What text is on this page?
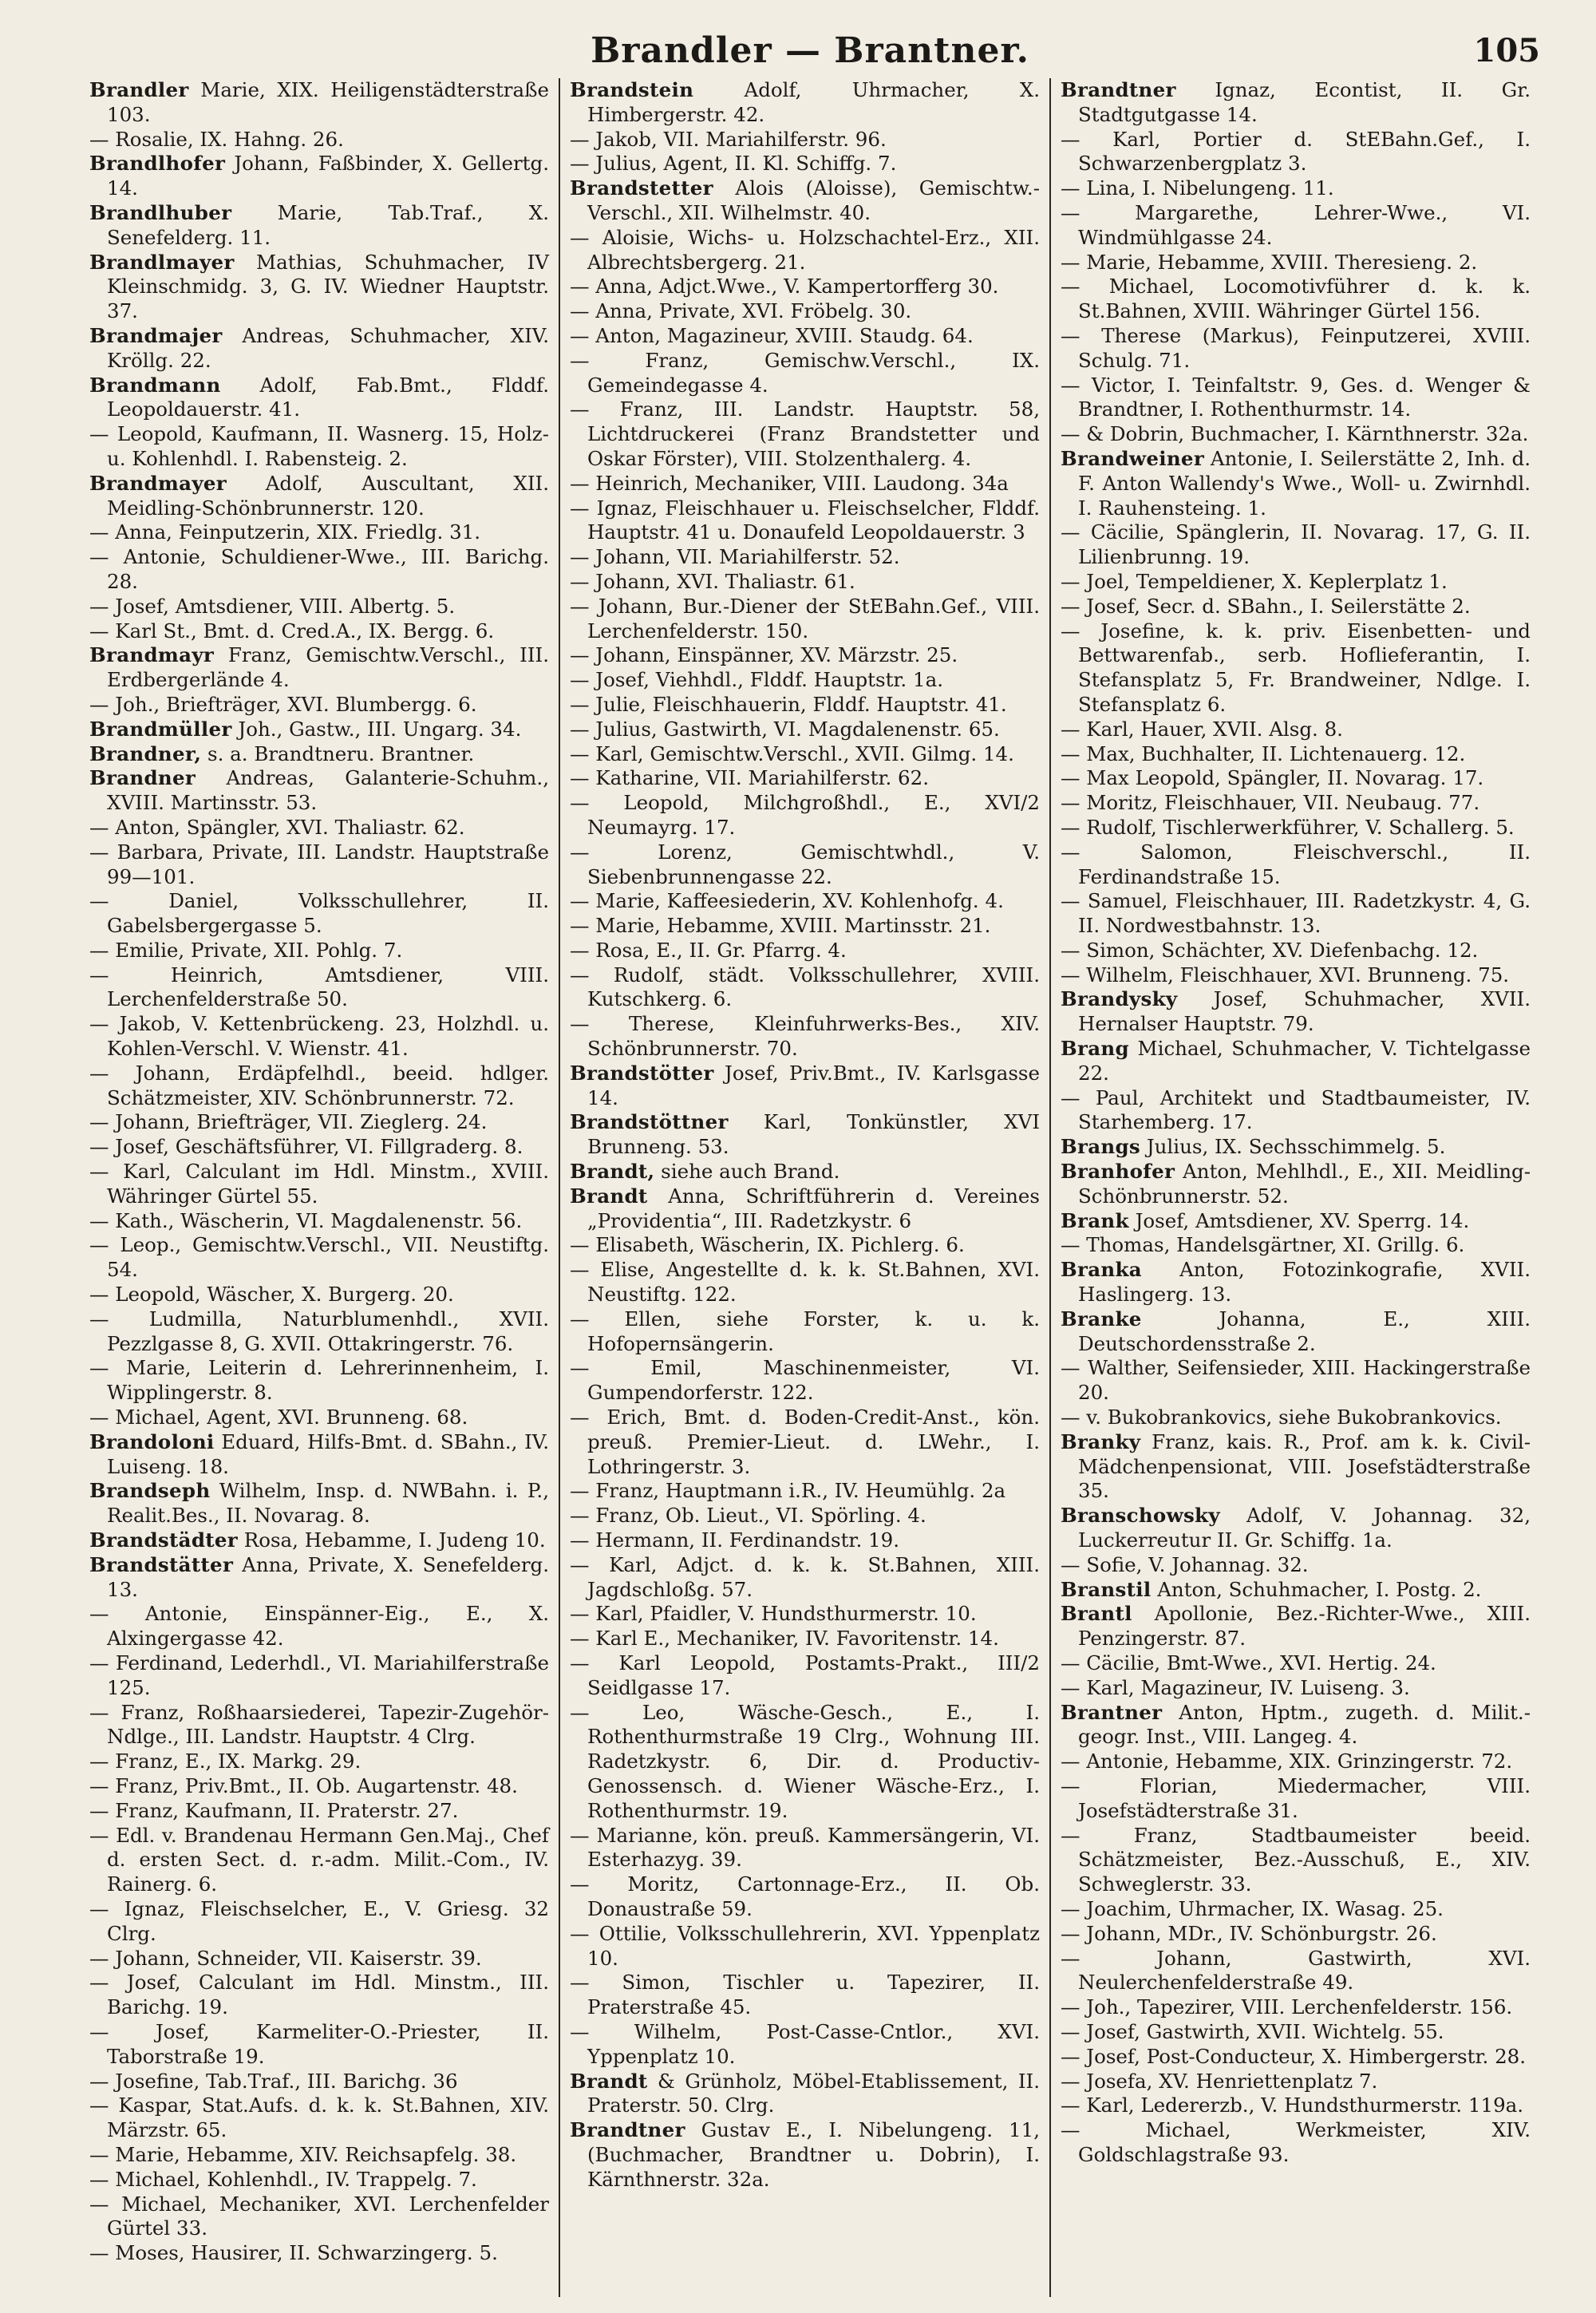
Brandler — Brantner.	105

Brandler Marie, XIX. Heiligenstädterstraße 103.

— Rosalie, IX. Hahng. 26.

Brandlhofer Johann, Faßbinder, X. Gellertg. 14.

Brandlhuber Marie, Tab.Traf., X. Senefelderg. 11.

Brandlmayer Mathias, Schuhmacher, IV Kleinschmidg. 3, G. IV. Wiedner Hauptstr. 37.

Brandmajer Andreas, Schuhmacher, XIV. Kröllg. 22.

Brandmann Adolf, Fab.Bmt., Flddf. Leopoldauerstr. 41.

— Leopold, Kaufmann, II. Wasnerg. 15, Holz- u. Kohlenhdl. I. Rabensteig. 2.

Brandmayer Adolf, Auscultant, XII. Meidling-Schönbrunnerstr. 120.

— Anna, Feinputzerin, XIX. Friedlg. 31.

— Antonie, Schuldiener-Wwe., III. Barichg. 28.

— Josef, Amtsdiener, VIII. Albertg. 5.

— Karl St., Bmt. d. Cred.A., IX. Bergg. 6.

Brandmayr Franz, Gemischtw.Verschl., III. Erdbergerlände 4.

— Joh., Briefträger, XVI. Blumbergg. 6.

Brandmüller Joh., Gastw., III. Ungarg. 34.

Brandner, s. a. Brandtneru. Brantner.

Brandner Andreas, Galanterie-Schuhm., XVIII. Martinsstr. 53.

— Anton, Spängler, XVI. Thaliastr. 62.

— Barbara, Private, III. Landstr. Hauptstraße 99—101.

— Daniel, Volksschullehrer, II. Gabelsbergergasse 5.

— Emilie, Private, XII. Pohlg. 7.

— Heinrich, Amtsdiener, VIII. Lerchenfelderstraße 50.

— Jakob, V. Kettenbrückeng. 23, Holzhdl. u. Kohlen-Verschl. V. Wienstr. 41.

— Johann, Erdäpfelhdl., beeid. hdlger. Schätzmeister, XIV. Schönbrunnerstr. 72.

— Johann, Briefträger, VII. Zieglerg. 24.

— Josef, Geschäftsführer, VI. Fillgraderg. 8.

— Karl, Calculant im Hdl. Minstm., XVIII. Währinger Gürtel 55.

— Kath., Wäscherin, VI. Magdalenenstr. 56.

— Leop., Gemischtw.Verschl., VII. Neustiftg. 54.

— Leopold, Wäscher, X. Burgerg. 20.

— Ludmilla, Naturblumenhdl., XVII. Pezzlgasse 8, G. XVII. Ottakringerstr. 76.

— Marie, Leiterin d. Lehrerinnenheim, I. Wipplingerstr. 8.

— Michael, Agent, XVI. Brunneng. 68.

Brandoloni Eduard, Hilfs-Bmt. d. SBahn., IV. Luiseng. 18.

Brandseph Wilhelm, Insp. d. NWBahn. i. P., Realit.Bes., II. Novarag. 8.

Brandstädter Rosa, Hebamme, I. Judeng 10.

Brandstätter Anna, Private, X. Senefelderg. 13.

— Antonie, Einspänner-Eig., E., X. Alxingergasse 42.

— Ferdinand, Lederhdl., VI. Mariahilferstraße 125.

— Franz, Roßhaarsiederei, Tapezir-Zugehör-Ndlge., III. Landstr. Hauptstr. 4 Clrg.

— Franz, E., IX. Markg. 29.

— Franz, Priv.Bmt., II. Ob. Augartenstr. 48.

— Franz, Kaufmann, II. Praterstr. 27.

— Edl. v. Brandenau Hermann Gen.Maj., Chef d. ersten Sect. d. r.-adm. Milit.-Com., IV. Rainerg. 6.

— Ignaz, Fleischselcher, E., V. Griesg. 32 Clrg.

— Johann, Schneider, VII. Kaiserstr. 39.

— Josef, Calculant im Hdl. Minstm., III. Barichg. 19.

— Josef, Karmeliter-O.-Priester, II. Taborstraße 19.

— Josefine, Tab.Traf., III. Barichg. 36

— Kaspar, Stat.Aufs. d. k. k. St.Bahnen, XIV. Märzstr. 65.

— Marie, Hebamme, XIV. Reichsapfelg. 38.

— Michael, Kohlenhdl., IV. Trappelg. 7.

— Michael, Mechaniker, XVI. Lerchenfelder Gürtel 33.

— Moses, Hausirer, II. Schwarzingerg. 5.

Brandstein Adolf, Uhrmacher, X. Himbergerstr. 42.

— Jakob, VII. Mariahilferstr. 96.

— Julius, Agent, II. Kl. Schiffg. 7.

Brandstetter Alois (Aloisse), Gemischtw.-Verschl., XII. Wilhelmstr. 40.

— Aloisie, Wichs- u. Holzschachtel-Erz., XII. Albrechtsbergerg. 21.

— Anna, Adjct.Wwe., V. Kampertorfferg 30.

— Anna, Private, XVI. Fröbelg. 30.

— Anton, Magazineur, XVIII. Staudg. 64.

— Franz, Gemischw.Verschl., IX. Gemeindegasse 4.

— Franz, III. Landstr. Hauptstr. 58, Lichtdruckerei (Franz Brandstetter und Oskar Förster), VIII. Stolzenthalerg. 4.

— Heinrich, Mechaniker, VIII. Laudong. 34a

— Ignaz, Fleischhauer u. Fleischselcher, Flddf. Hauptstr. 41 u. Donaufeld Leopoldauerstr. 3

— Johann, VII. Mariahilferstr. 52.

— Johann, XVI. Thaliastr. 61.

— Johann, Bur.-Diener der StEBahn.Gef., VIII. Lerchenfelderstr. 150.

— Johann, Einspänner, XV. Märzstr. 25.

— Josef, Viehhdl., Flddf. Hauptstr. 1a.

— Julie, Fleischhauerin, Flddf. Hauptstr. 41.

— Julius, Gastwirth, VI. Magdalenenstr. 65.

— Karl, Gemischtw.Verschl., XVII. Gilmg. 14.

— Katharine, VII. Mariahilferstr. 62.

— Leopold, Milchgroßhdl., E., XVI/2 Neumayrg. 17.

— Lorenz, Gemischtwhdl., V. Siebenbrunnengasse 22.

— Marie, Kaffeesiederin, XV. Kohlenhofg. 4.

— Marie, Hebamme, XVIII. Martinsstr. 21.

— Rosa, E., II. Gr. Pfarrg. 4.

— Rudolf, städt. Volksschullehrer, XVIII. Kutschkerg. 6.

— Therese, Kleinfuhrwerks-Bes., XIV. Schönbrunnerstr. 70.

Brandstötter Josef, Priv.Bmt., IV. Karlsgasse 14.

Brandstöttner Karl, Tonkünstler, XVI Brunneng. 53.

Brandt, siehe auch Brand.

Brandt Anna, Schriftführerin d. Vereines „Providentia“, III. Radetzkystr. 6

— Elisabeth, Wäscherin, IX. Pichlerg. 6.

— Elise, Angestellte d. k. k. St.Bahnen, XVI. Neustiftg. 122.

— Ellen, siehe Forster, k. u. k. Hofopernsängerin.

— Emil, Maschinenmeister, VI. Gumpendorferstr. 122.

— Erich, Bmt. d. Boden-Credit-Anst., kön. preuß. Premier-Lieut. d. LWehr., I. Lothringerstr. 3.

— Franz, Hauptmann i.R., IV. Heumühlg. 2a

— Franz, Ob. Lieut., VI. Spörling. 4.

— Hermann, II. Ferdinandstr. 19.

— Karl, Adjct. d. k. k. St.Bahnen, XIII. Jagdschloßg. 57.

— Karl, Pfaidler, V. Hundsthurmerstr. 10.

— Karl E., Mechaniker, IV. Favoritenstr. 14.

— Karl Leopold, Postamts-Prakt., III/2 Seidlgasse 17.

— Leo, Wäsche-Gesch., E., I. Rothenthurmstraße 19 Clrg., Wohnung III. Radetzkystr. 6, Dir. d. Productiv-Genossensch. d. Wiener Wäsche-Erz., I. Rothenthurmstr. 19.

— Marianne, kön. preuß. Kammersängerin, VI. Esterhazyg. 39.

— Moritz, Cartonnage-Erz., II. Ob. Donaustraße 59.

— Ottilie, Volksschullehrerin, XVI. Yppenplatz 10.

— Simon, Tischler u. Tapezirer, II. Praterstraße 45.

— Wilhelm, Post-Casse-Cntlor., XVI. Yppenplatz 10.

Brandt & Grünholz, Möbel-Etablissement, II. Praterstr. 50. Clrg.

Brandtner Gustav E., I. Nibelungeng. 11, (Buchmacher, Brandtner u. Dobrin), I. Kärnthnerstr. 32a.

Brandtner Ignaz, Econtist, II. Gr. Stadtgutgasse 14.

— Karl, Portier d. StEBahn.Gef., I. Schwarzenbergplatz 3.

— Lina, I. Nibelungeng. 11.

— Margarethe, Lehrer-Wwe., VI. Windmühlgasse 24.

— Marie, Hebamme, XVIII. Theresieng. 2.

— Michael, Locomotivführer d. k. k. St.Bahnen, XVIII. Währinger Gürtel 156.

— Therese (Markus), Feinputzerei, XVIII. Schulg. 71.

— Victor, I. Teinfaltstr. 9, Ges. d. Wenger & Brandtner, I. Rothenthurmstr. 14.

— & Dobrin, Buchmacher, I. Kärnthnerstr. 32a.

Brandweiner Antonie, I. Seilerstätte 2, Inh. d. F. Anton Wallendy's Wwe., Woll- u. Zwirnhdl. I. Rauhensteing. 1.

— Cäcilie, Spänglerin, II. Novarag. 17, G. II. Lilienbrunng. 19.

— Joel, Tempeldiener, X. Keplerplatz 1.

— Josef, Secr. d. SBahn., I. Seilerstätte 2.

— Josefine, k. k. priv. Eisenbetten- und Bettwarenfab., serb. Hoflieferantin, I. Stefansplatz 5, Fr. Brandweiner, Ndlge. I. Stefansplatz 6.

— Karl, Hauer, XVII. Alsg. 8.

— Max, Buchhalter, II. Lichtenauerg. 12.

— Max Leopold, Spängler, II. Novarag. 17.

— Moritz, Fleischhauer, VII. Neubaug. 77.

— Rudolf, Tischlerwerkführer, V. Schallerg. 5.

— Salomon, Fleischverschl., II. Ferdinandstraße 15.

— Samuel, Fleischhauer, III. Radetzkystr. 4, G. II. Nordwestbahnstr. 13.

— Simon, Schächter, XV. Diefenbachg. 12.

— Wilhelm, Fleischhauer, XVI. Brunneng. 75.

Brandysky Josef, Schuhmacher, XVII. Hernalser Hauptstr. 79.

Brang Michael, Schuhmacher, V. Tichtelgasse 22.

— Paul, Architekt und Stadtbaumeister, IV. Starhemberg. 17.

Brangs Julius, IX. Sechsschimmelg. 5.

Branhofer Anton, Mehlhdl., E., XII. Meidling-Schönbrunnerstr. 52.

Brank Josef, Amtsdiener, XV. Sperrg. 14.

— Thomas, Handelsgärtner, XI. Grillg. 6.

Branka Anton, Fotozinkografie, XVII. Haslingerg. 13.

Branke Johanna, E., XIII. Deutschordensstraße 2.

— Walther, Seifensieder, XIII. Hackingerstraße 20.

— v. Bukobrankovics, siehe Bukobrankovics.

Branky Franz, kais. R., Prof. am k. k. Civil-Mädchenpensionat, VIII. Josefstädterstraße 35.

Branschowsky Adolf, V. Johannag. 32, Luckerreutur II. Gr. Schiffg. 1a.

— Sofie, V. Johannag. 32.

Branstil Anton, Schuhmacher, I. Postg. 2.

Brantl Apollonie, Bez.-Richter-Wwe., XIII. Penzingerstr. 87.

— Cäcilie, Bmt-Wwe., XVI. Hertig. 24.

— Karl, Magazineur, IV. Luiseng. 3.

Brantner Anton, Hptm., zugeth. d. Milit.-geogr. Inst., VIII. Langeg. 4.

— Antonie, Hebamme, XIX. Grinzingerstr. 72.

— Florian, Miedermacher, VIII. Josefstädterstraße 31.

— Franz, Stadtbaumeister beeid. Schätzmeister, Bez.-Ausschuß, E., XIV. Schweglerstr. 33.

— Joachim, Uhrmacher, IX. Wasag. 25.

— Johann, MDr., IV. Schönburgstr. 26.

— Johann, Gastwirth, XVI. Neulerchenfelderstraße 49.

— Joh., Tapezirer, VIII. Lerchenfelderstr. 156.

— Josef, Gastwirth, XVII. Wichtelg. 55.

— Josef, Post-Conducteur, X. Himbergerstr. 28.

— Josefa, XV. Henriettenplatz 7.

— Karl, Ledererzb., V. Hundsthurmerstr. 119a.

— Michael, Werkmeister, XIV. Goldschlagstraße 93.
